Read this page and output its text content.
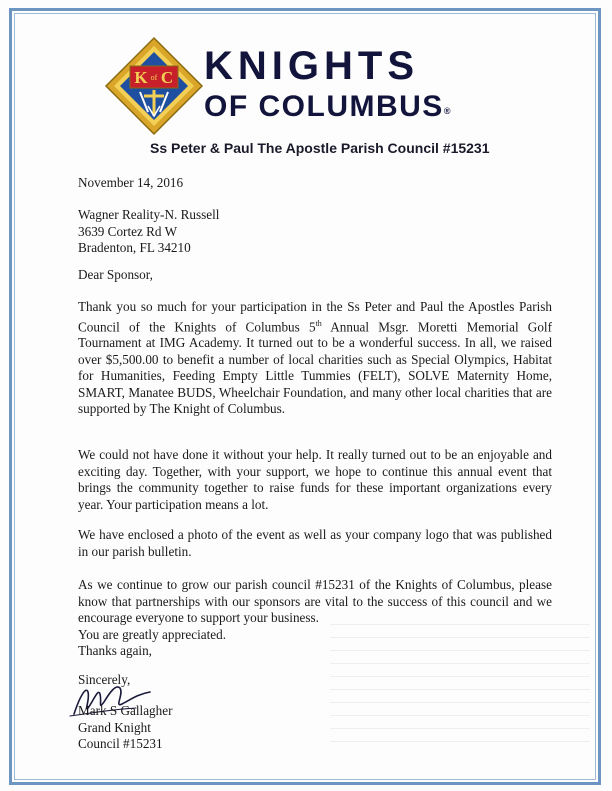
K of C KNIGHTS
OF COLUMBUS®
Ss Peter & Paul The Apostle Parish Council #15231
November 14, 2016
Wagner Reality-N. Russell
3639 Cortez Rd W
Bradenton, FL 34210
Dear Sponsor,
Thank you so much for your participation in the Ss Peter and Paul the Apostles Parish Council of the Knights of Columbus 5th Annual Msgr. Moretti Memorial Golf Tournament at IMG Academy. It turned out to be a wonderful success. In all, we raised over $5,500.00 to benefit a number of local charities such as Special Olympics, Habitat for Humanities, Feeding Empty Little Tummies (FELT), SOLVE Maternity Home, SMART, Manatee BUDS, Wheelchair Foundation, and many other local charities that are supported by The Knight of Columbus.
We could not have done it without your help. It really turned out to be an enjoyable and exciting day. Together, with your support, we hope to continue this annual event that brings the community together to raise funds for these important organizations every year. Your participation means a lot.
We have enclosed a photo of the event as well as your company logo that was published in our parish bulletin.
As we continue to grow our parish council #15231 of the Knights of Columbus, please know that partnerships with our sponsors are vital to the success of this council and we encourage everyone to support your business.
You are greatly appreciated.
Thanks again,
Sincerely,
Mark S Gallagher
Grand Knight
Council #15231
